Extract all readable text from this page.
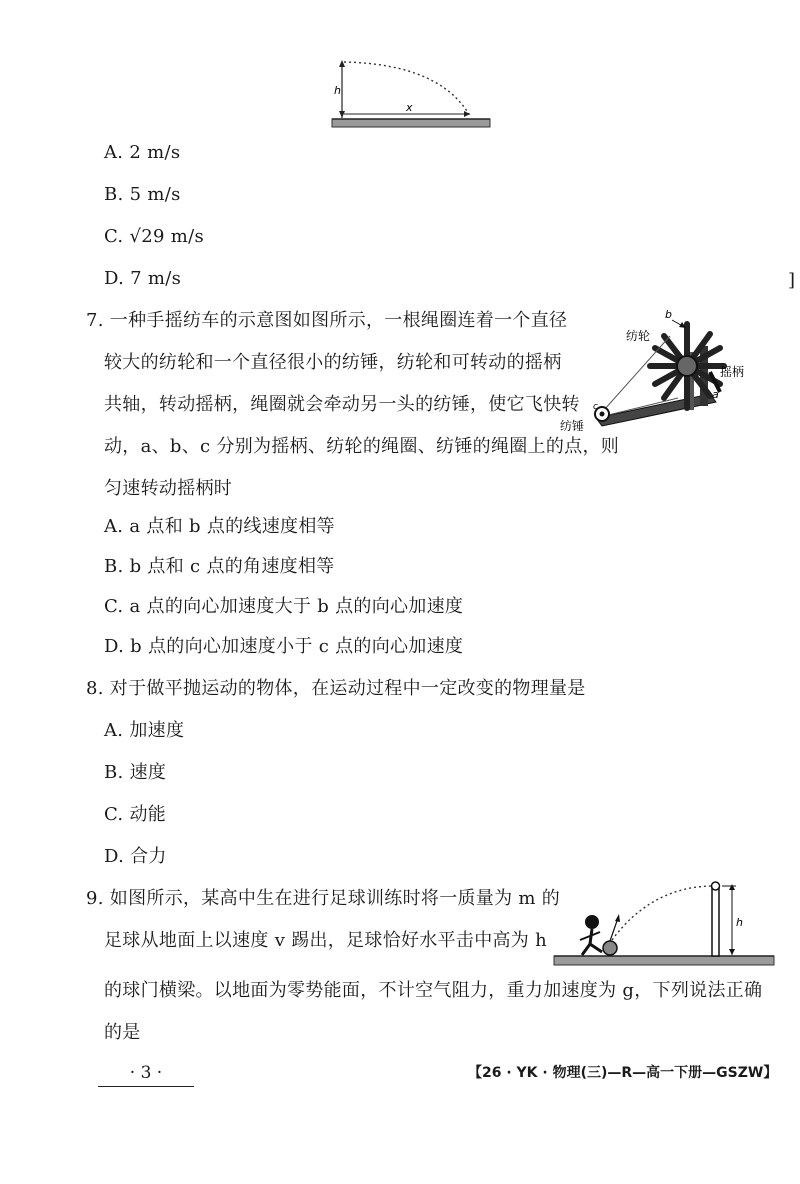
h
x
A. 2 m/s
B. 5 m/s
C. √29 m/s
D. 7 m/s	]
7. 一种手摇纺车的示意图如图所示，一根绳圈连着一个直径
较大的纺轮和一个直径很小的纺锤，纺轮和可转动的摇柄
共轴，转动摇柄，绳圈就会牵动另一头的纺锤，使它飞快转
动，a、b、c 分别为摇柄、纺轮的绳圈、纺锤的绳圈上的点，则
匀速转动摇柄时
b
纺轮
摇柄
a
纺锤
c
A. a 点和 b 点的线速度相等
B. b 点和 c 点的角速度相等
C. a 点的向心加速度大于 b 点的向心加速度
D. b 点的向心加速度小于 c 点的向心加速度
8. 对于做平抛运动的物体，在运动过程中一定改变的物理量是
A. 加速度
B. 速度
C. 动能
D. 合力
9. 如图所示，某高中生在进行足球训练时将一质量为 m 的
足球从地面上以速度 v 踢出，足球恰好水平击中高为 h
的球门横梁。以地面为零势能面，不计空气阻力，重力加速度为 g，下列说法正确
的是
h
· 3 ·	【26 · YK · 物理(三)—R—高一下册—GSZW】
